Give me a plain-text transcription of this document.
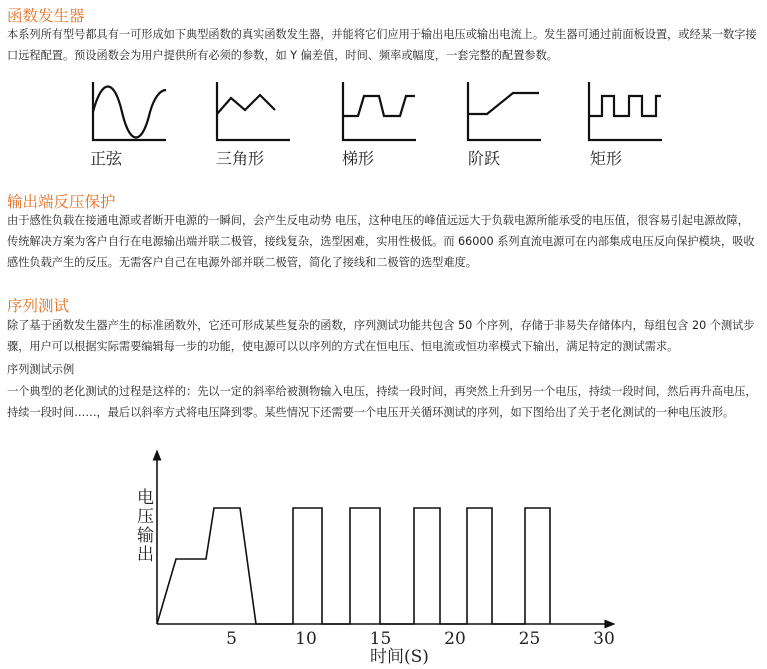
函数发生器

本系列所有型号都具有一可形成如下典型函数的真实函数发生器，并能将它们应用于输出电压或输出电流上。发生器可通过前面板设置，或经某一数字接口远程配置。预设函数会为用户提供所有必须的参数，如 Y 偏差值，时间、频率或幅度，一套完整的配置参数。

正弦	三角形	梯形	阶跃	矩形
输出端反压保护

由于感性负载在接通电源或者断开电源的一瞬间，会产生反电动势 电压，这种电压的峰值远远大于负载电源所能承受的电压值，很容易引起电源故障，传统解决方案为客户自行在电源输出端并联二极管，接线复杂，选型困难，实用性极低。而 66000 系列直流电源可在内部集成电压反向保护模块，吸收感性负载产生的反压。无需客户自己在电源外部并联二极管，简化了接线和二极管的选型难度。

序列测试

除了基于函数发生器产生的标准函数外，它还可形成某些复杂的函数，序列测试功能共包含 50 个序列，存储于非易失存储体内，每组包含 20 个测试步骤，用户可以根据实际需要编辑每一步的功能，使电源可以以序列的方式在恒电压、恒电流或恒功率模式下输出，满足特定的测试需求。

序列测试示例

一个典型的老化测试的过程是这样的：先以一定的斜率给被测物输入电压，持续一段时间，再突然上升到另一个电压，持续一段时间，然后再升高电压，持续一段时间……，最后以斜率方式将电压降到零。某些情况下还需要一个电压开关循环测试的序列，如下图给出了关于老化测试的一种电压波形。

5	10	15	20	25	30
电
压
输
出
时间(S)
